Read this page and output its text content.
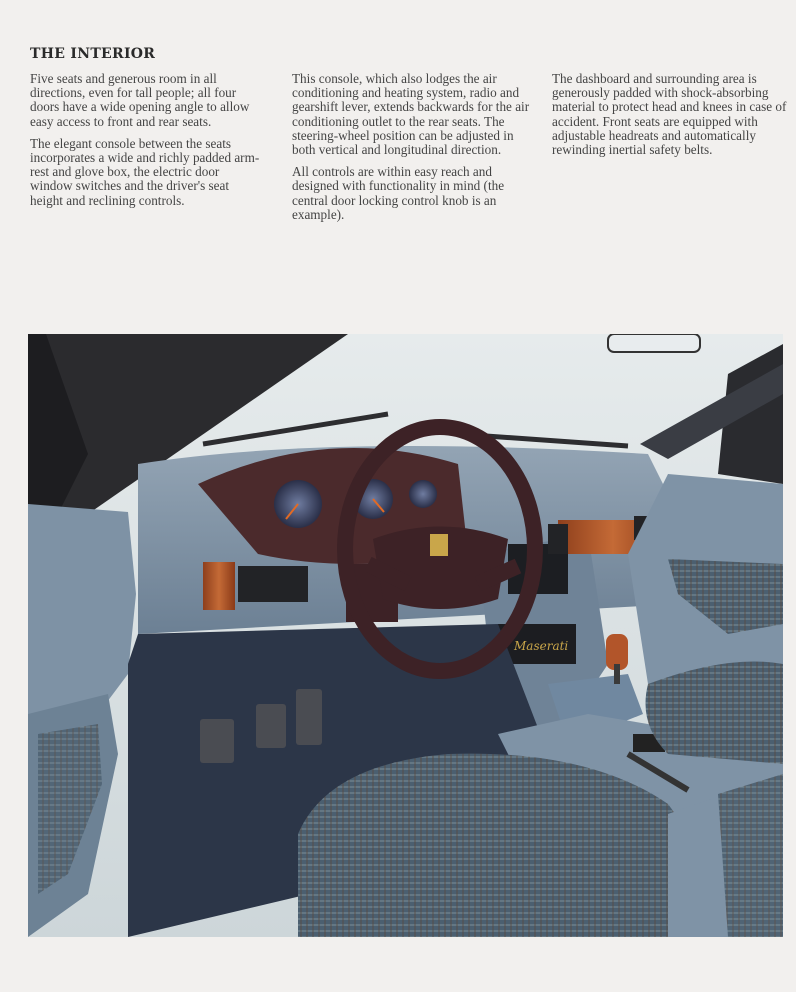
THE INTERIOR

Five seats and generous room in all directions, even for tall people; all four doors have a wide opening angle to allow easy access to front and rear seats.

The elegant console between the seats incorporates a wide and richly padded arm-rest and glove box, the electric door window switches and the driver's seat height and reclining controls.

This console, which also lodges the air conditioning and heating system, radio and gearshift lever, extends backwards for the air conditioning outlet to the rear seats. The steering-wheel position can be adjusted in both vertical and longitudinal direction.

All controls are within easy reach and designed with functionality in mind (the central door locking control knob is an example).

The dashboard and surrounding area is generously padded with shock-absorbing material to protect head and knees in case of accident. Front seats are equipped with adjustable headreats and automatically rewinding inertial safety belts.

Maserati
